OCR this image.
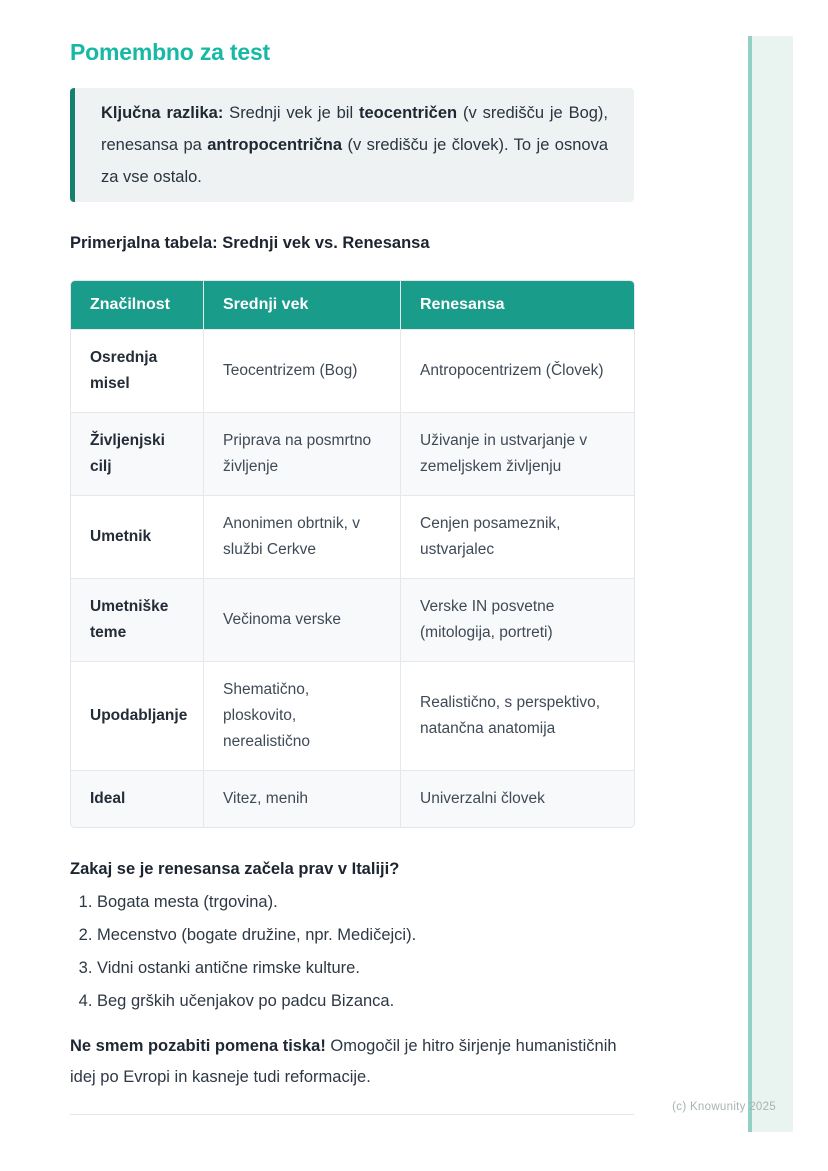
Pomembno za test

Ključna razlika: Srednji vek je bil teocentričen (v središču je Bog), renesansa pa antropocentrična (v središču je človek). To je osnova za vse ostalo.

Primerjalna tabela: Srednji vek vs. Renesansa
Značilnost	Srednji vek	Renesansa
Osrednja misel	Teocentrizem (Bog)	Antropocentrizem (Človek)
Življenjski cilj	Priprava na posmrtno življenje	Uživanje in ustvarjanje v zemeljskem življenju
Umetnik	Anonimen obrtnik, v službi Cerkve	Cenjen posameznik, ustvarjalec
Umetniške teme	Večinoma verske	Verske IN posvetne (mitologija, portreti)
Upodabljanje	Shematično, ploskovito, nerealistično	Realistično, s perspektivo, natančna anatomija
Ideal	Vitez, menih	Univerzalni človek
Zakaj se je renesansa začela prav v Italiji?
1. Bogata mesta (trgovina).
2. Mecenstvo (bogate družine, npr. Medičejci).
3. Vidni ostanki antične rimske kulture.
4. Beg grških učenjakov po padcu Bizanca.

Ne smem pozabiti pomena tiska! Omogočil je hitro širjenje humanističnih idej po Evropi in kasneje tudi reformacije.

(c) Knowunity 2025
